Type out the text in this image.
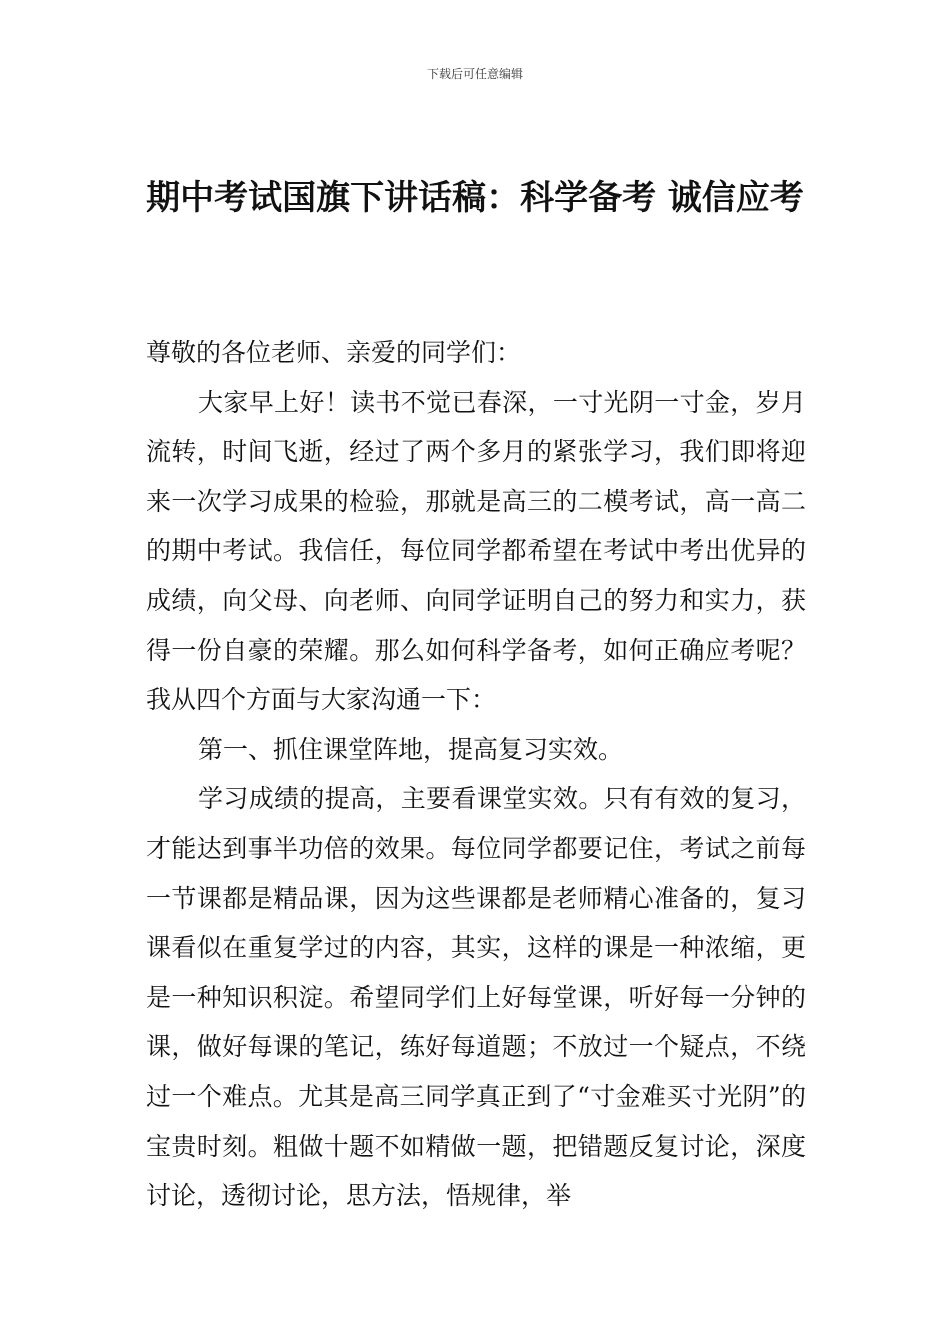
下载后可任意编辑
期中考试国旗下讲话稿：科学备考 诚信应考

尊敬的各位老师、亲爱的同学们：

大家早上好！读书不觉已春深，一寸光阴一寸金，岁月流转，时间飞逝，经过了两个多月的紧张学习，我们即将迎来一次学习成果的检验，那就是高三的二模考试，高一高二的期中考试。我信任，每位同学都希望在考试中考出优异的成绩，向父母、向老师、向同学证明自己的努力和实力，获得一份自豪的荣耀。那么如何科学备考，如何正确应考呢？我从四个方面与大家沟通一下：

第一、抓住课堂阵地，提高复习实效。

学习成绩的提高，主要看课堂实效。只有有效的复习，才能达到事半功倍的效果。每位同学都要记住，考试之前每一节课都是精品课，因为这些课都是老师精心准备的，复习课看似在重复学过的内容，其实，这样的课是一种浓缩，更是一种知识积淀。希望同学们上好每堂课，听好每一分钟的课，做好每课的笔记，练好每道题；不放过一个疑点，不绕过一个难点。尤其是高三同学真正到了“寸金难买寸光阴”的宝贵时刻。粗做十题不如精做一题，把错题反复讨论，深度讨论，透彻讨论，思方法，悟规律，举
